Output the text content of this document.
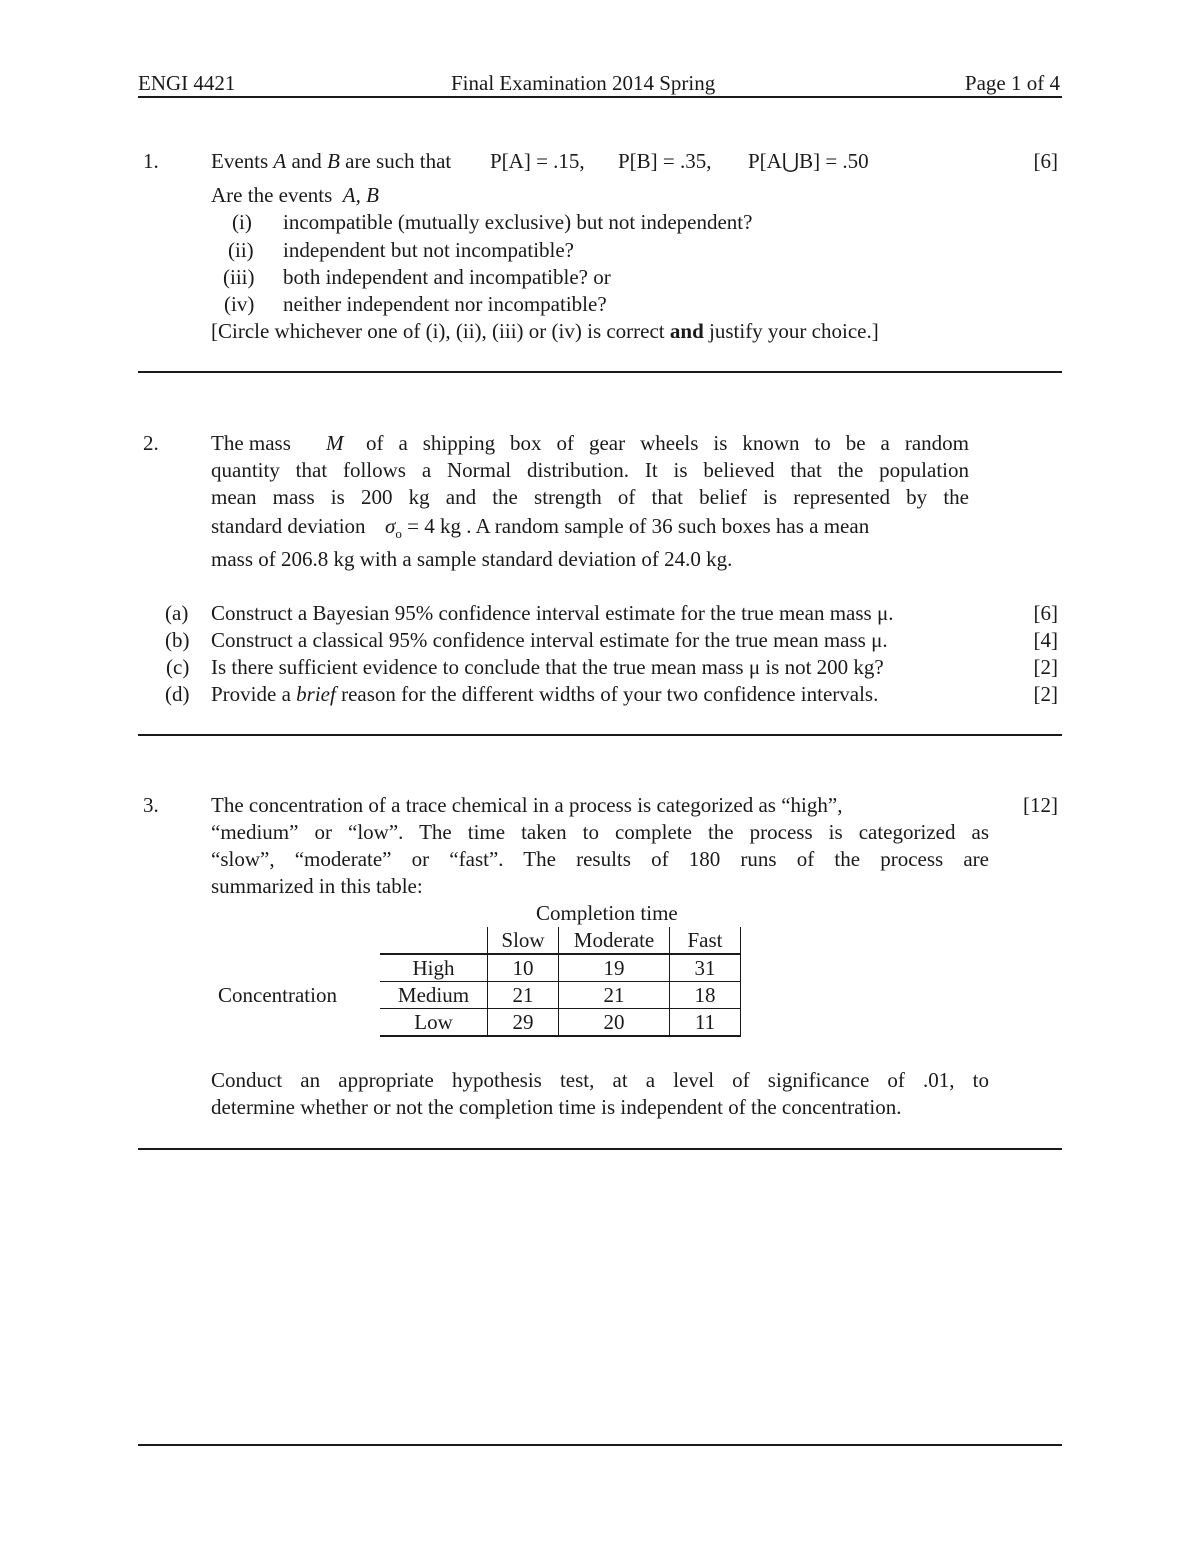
ENGI 4421	Final Examination 2014 Spring	Page 1 of 4
1. Events A and B are such that P[A] = .15, P[B] = .35, P[A⋃B] = .50	[6]
Are the events A, B
(i) incompatible (mutually exclusive) but not independent?
(ii) independent but not incompatible?
(iii) both independent and incompatible? or
(iv) neither independent nor incompatible?
[Circle whichever one of (i), (ii), (iii) or (iv) is correct and justify your choice.]
2. The mass M of a shipping box of gear wheels is known to be a random
quantity that follows a Normal distribution. It is believed that the population
mean mass is 200 kg and the strength of that belief is represented by the
standard deviation $\sigma_o = 4$ kg . A random sample of 36 such boxes has a mean
mass of 206.8 kg with a sample standard deviation of 24.0 kg.
(a) Construct a Bayesian 95% confidence interval estimate for the true mean mass μ.	[6]
(b) Construct a classical 95% confidence interval estimate for the true mean mass μ.	[4]
(c) Is there sufficient evidence to conclude that the true mean mass μ is not 200 kg?	[2]
(d) Provide a brief reason for the different widths of your two confidence intervals.	[2]
3. The concentration of a trace chemical in a process is categorized as “high”,	[12]
“medium” or “low”. The time taken to complete the process is categorized as
“slow”, “moderate” or “fast”. The results of 180 runs of the process are
summarized in this table:
Completion time
Concentration
	Slow	Moderate	Fast
High	10	19	31
Medium	21	21	18
Low	29	20	11
Conduct an appropriate hypothesis test, at a level of significance of .01, to
determine whether or not the completion time is independent of the concentration.
